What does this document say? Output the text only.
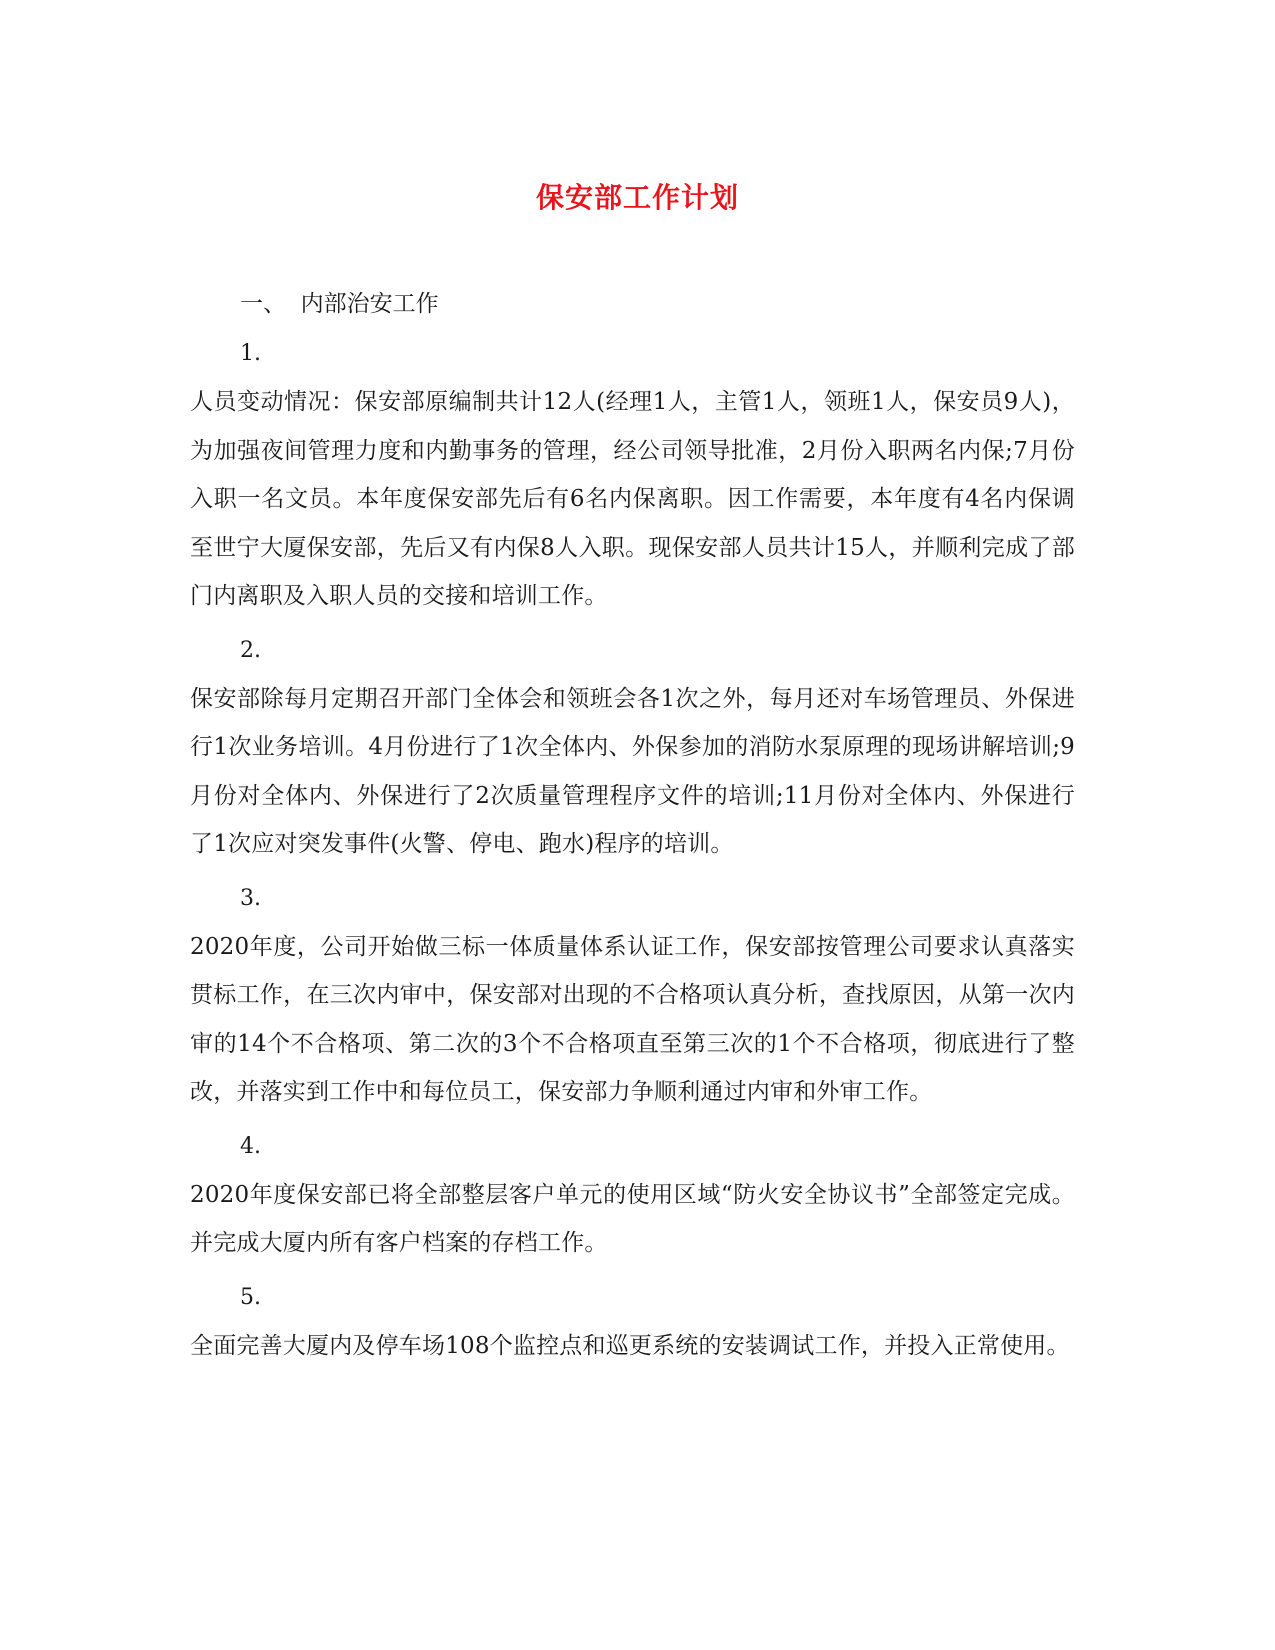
保安部工作计划
一、  内部治安工作
1.

人员变动情况：保安部原编制共计12人(经理1人，主管1人，领班1人，保安员9人)，为加强夜间管理力度和内勤事务的管理，经公司领导批准，2月份入职两名内保;7月份入职一名文员。本年度保安部先后有6名内保离职。因工作需要，本年度有4名内保调至世宁大厦保安部，先后又有内保8人入职。现保安部人员共计15人，并顺利完成了部门内离职及入职人员的交接和培训工作。

2.

保安部除每月定期召开部门全体会和领班会各1次之外，每月还对车场管理员、外保进行1次业务培训。4月份进行了1次全体内、外保参加的消防水泵原理的现场讲解培训;9月份对全体内、外保进行了2次质量管理程序文件的培训;11月份对全体内、外保进行了1次应对突发事件(火警、停电、跑水)程序的培训。

3.

2020年度，公司开始做三标一体质量体系认证工作，保安部按管理公司要求认真落实贯标工作，在三次内审中，保安部对出现的不合格项认真分析，查找原因，从第一次内审的14个不合格项、第二次的3个不合格项直至第三次的1个不合格项，彻底进行了整改，并落实到工作中和每位员工，保安部力争顺利通过内审和外审工作。

4.

2020年度保安部已将全部整层客户单元的使用区域“防火安全协议书”全部签定完成。并完成大厦内所有客户档案的存档工作。

5.

全面完善大厦内及停车场108个监控点和巡更系统的安装调试工作，并投入正常使用。
